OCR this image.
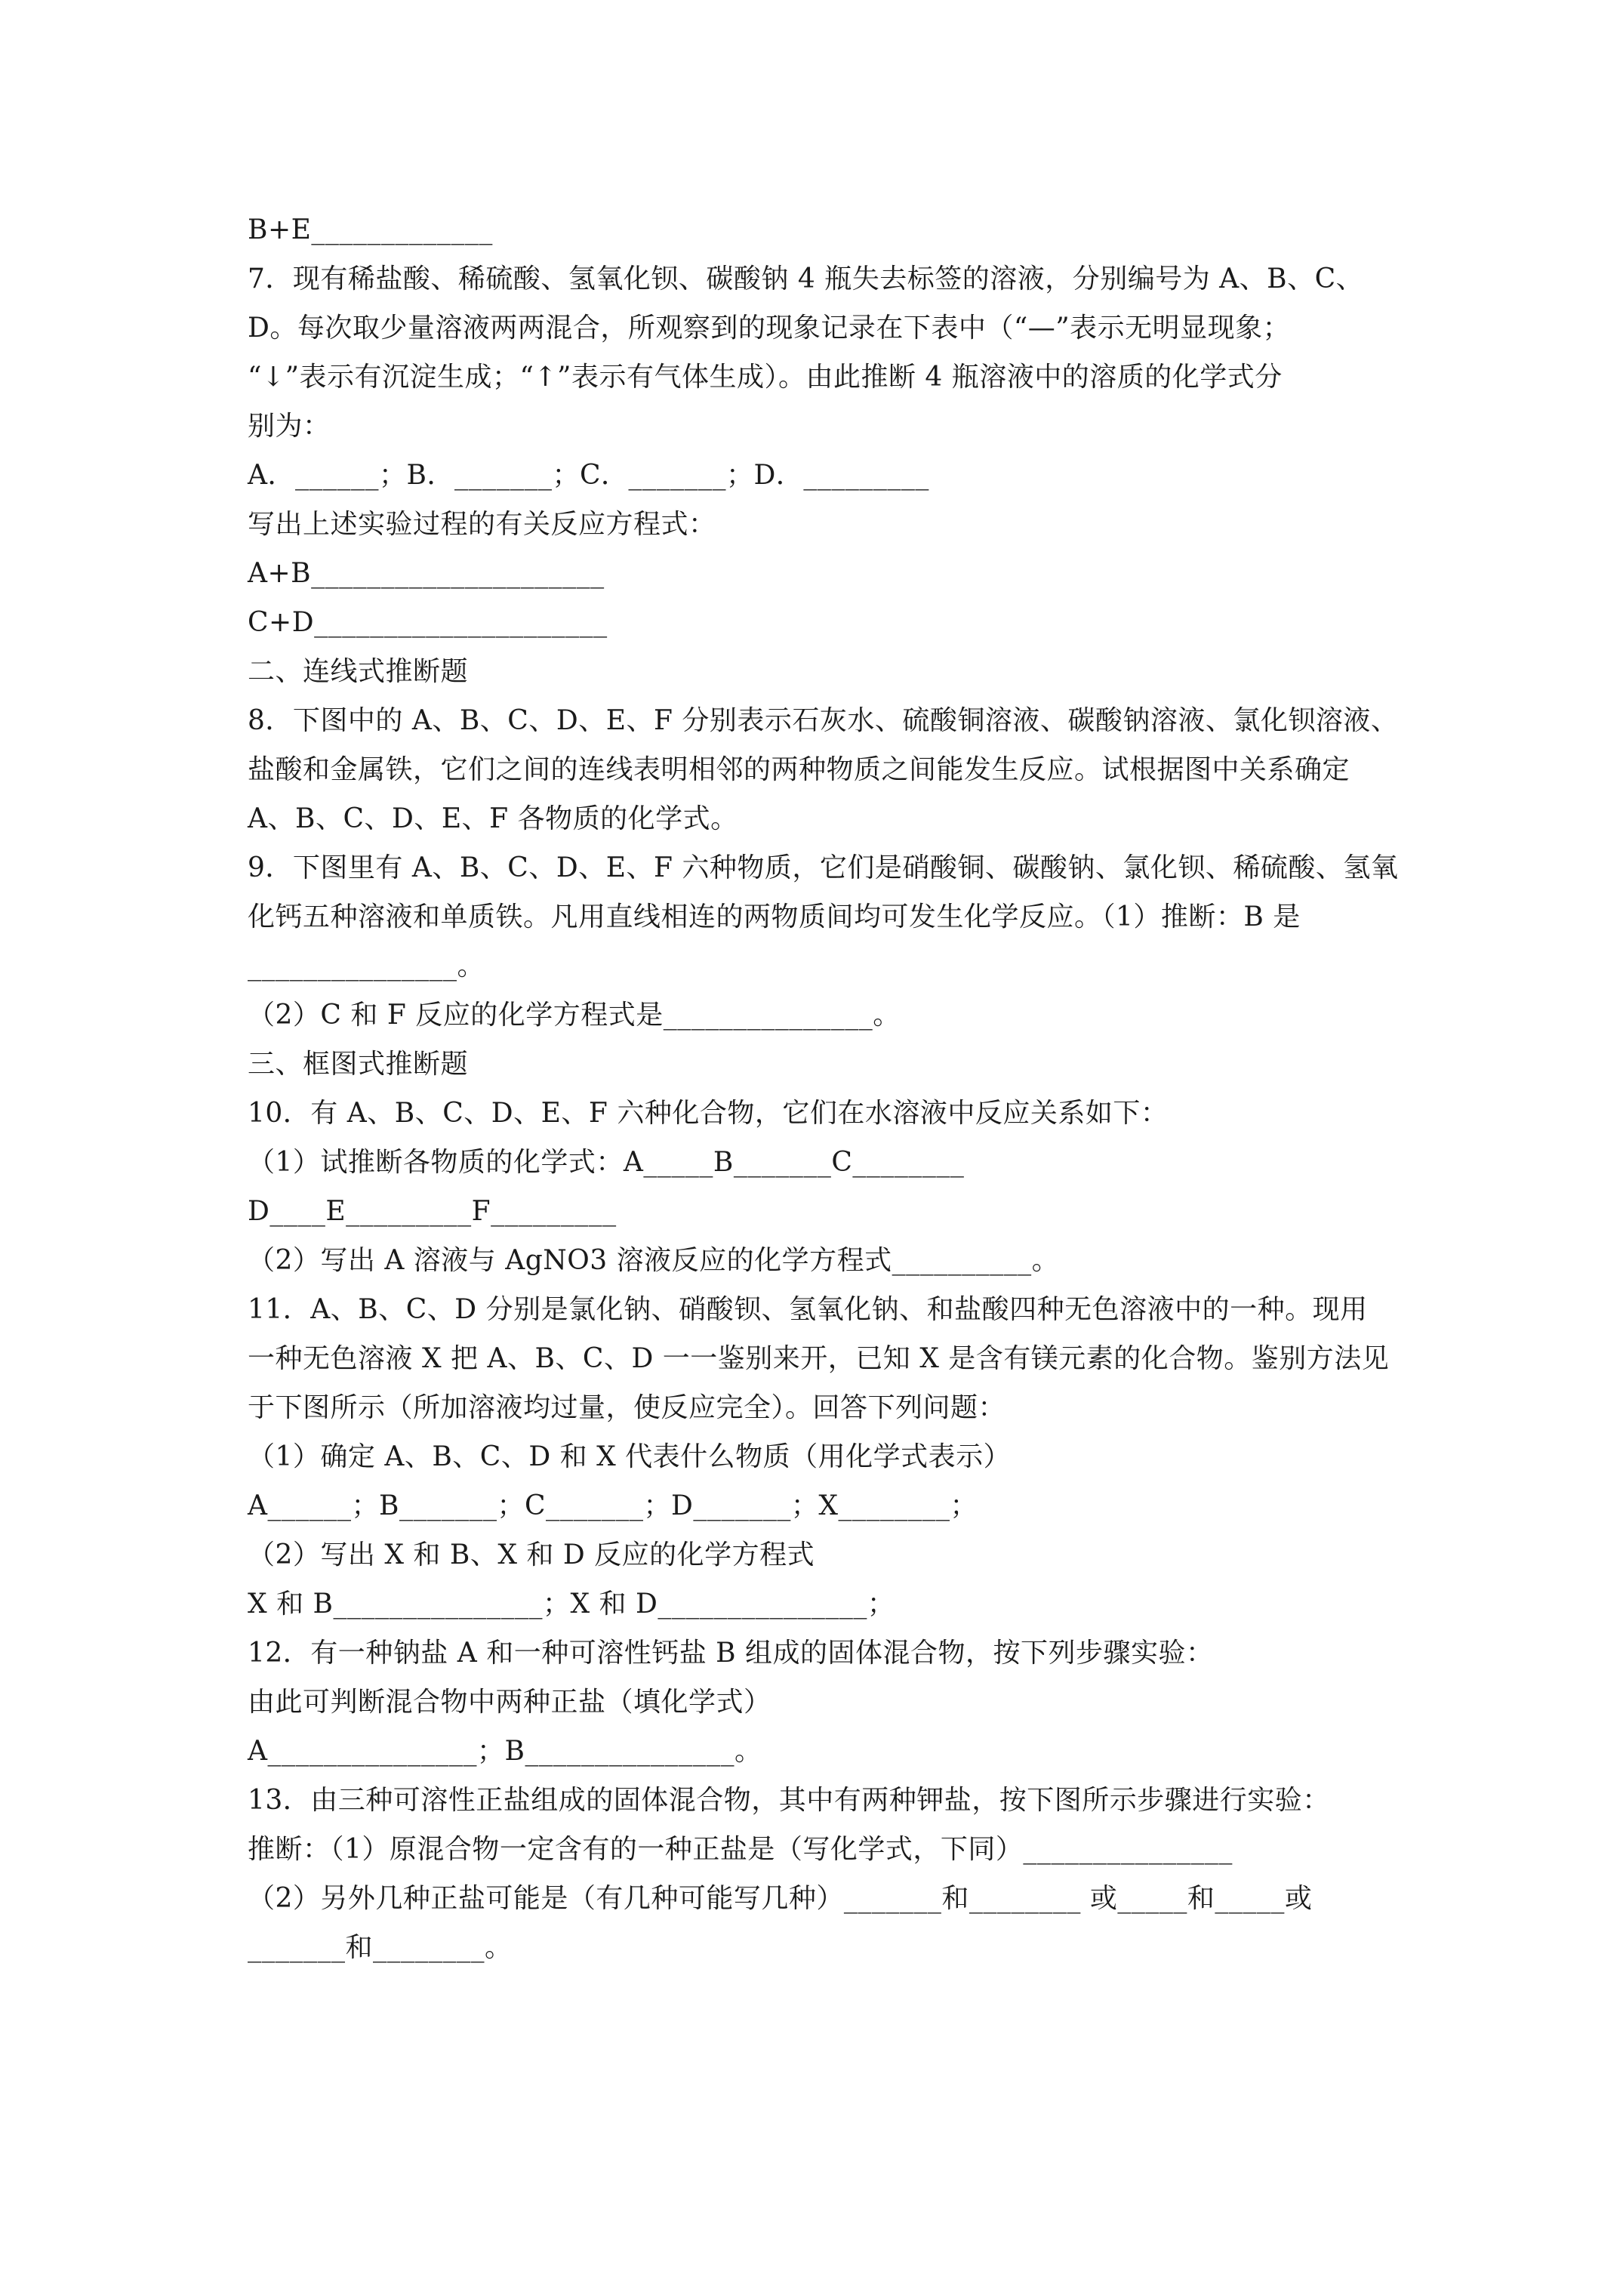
B+E_____________
7．现有稀盐酸、稀硫酸、氢氧化钡、碳酸钠 4 瓶失去标签的溶液，分别编号为 A、B、C、
D。每次取少量溶液两两混合，所观察到的现象记录在下表中（“—”表示无明显现象；
“↓”表示有沉淀生成；“↑”表示有气体生成）。由此推断 4 瓶溶液中的溶质的化学式分
别为：
A．______；B．_______；C．_______；D．_________
写出上述实验过程的有关反应方程式：
A+B_____________________
C+D_____________________
二、连线式推断题
8．下图中的 A、B、C、D、E、F 分别表示石灰水、硫酸铜溶液、碳酸钠溶液、氯化钡溶液、
盐酸和金属铁，它们之间的连线表明相邻的两种物质之间能发生反应。试根据图中关系确定
A、B、C、D、E、F 各物质的化学式。
9．下图里有 A、B、C、D、E、F 六种物质，它们是硝酸铜、碳酸钠、氯化钡、稀硫酸、氢氧
化钙五种溶液和单质铁。凡用直线相连的两物质间均可发生化学反应。（1）推断：B 是
_______________。
（2）C 和 F 反应的化学方程式是_______________。
三、框图式推断题
10．有 A、B、C、D、E、F 六种化合物，它们在水溶液中反应关系如下：
（1）试推断各物质的化学式：A_____B_______C________
D____E_________F_________
（2）写出 A 溶液与 AgNO3 溶液反应的化学方程式__________。
11．A、B、C、D 分别是氯化钠、硝酸钡、氢氧化钠、和盐酸四种无色溶液中的一种。现用
一种无色溶液 X 把 A、B、C、D 一一鉴别来开，已知 X 是含有镁元素的化合物。鉴别方法见
于下图所示（所加溶液均过量，使反应完全）。回答下列问题：
（1）确定 A、B、C、D 和 X 代表什么物质（用化学式表示）
A______；B_______；C_______；D_______；X________；
（2）写出 X 和 B、X 和 D 反应的化学方程式
X 和 B_______________；X 和 D_______________；
12．有一种钠盐 A 和一种可溶性钙盐 B 组成的固体混合物，按下列步骤实验：
由此可判断混合物中两种正盐（填化学式）
A_______________；B_______________。
13．由三种可溶性正盐组成的固体混合物，其中有两种钾盐，按下图所示步骤进行实验：
推断：（1）原混合物一定含有的一种正盐是（写化学式，下同）_______________
（2）另外几种正盐可能是（有几种可能写几种）_______和________ 或_____和_____或
_______和________。
